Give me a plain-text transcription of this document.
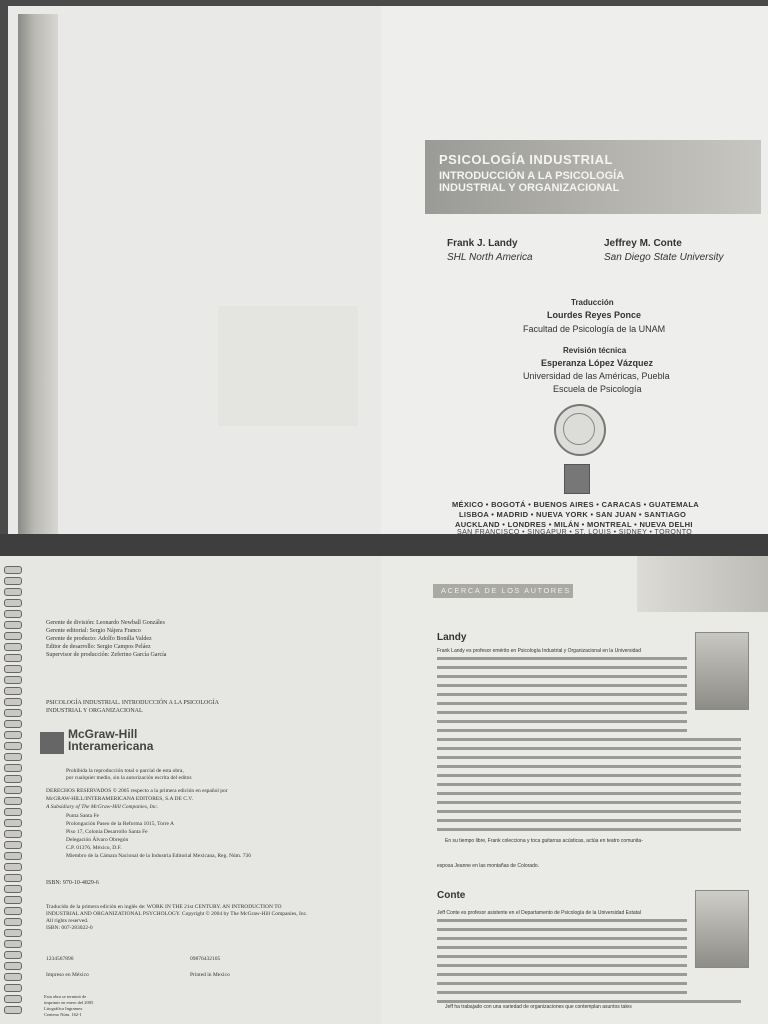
PSICOLOGÍA INDUSTRIAL
INTRODUCCIÓN A LA PSICOLOGÍA
INDUSTRIAL Y ORGANIZACIONAL
Frank J. Landy
SHL North America
Jeffrey M. Conte
San Diego State University
Traducción
Lourdes Reyes Ponce
Facultad de Psicología de la UNAM
Revisión técnica
Esperanza López Vázquez
Universidad de las Américas, Puebla
Escuela de Psicología
MÉXICO • BOGOTÁ • BUENOS AIRES • CARACAS • GUATEMALA
LISBOA • MADRID • NUEVA YORK • SAN JUAN • SANTIAGO
AUCKLAND • LONDRES • MILÁN • MONTREAL • NUEVA DELHI
SAN FRANCISCO • SINGAPUR • ST. LOUIS • SIDNEY • TORONTO
Gerente de división: Leonardo Newball Gonzáles
Gerente editorial: Sergio Nájera Franco
Gerente de producto: Adolfo Bonilla Valdez
Editor de desarrollo: Sergio Campos Peláez
Supervisor de producción: Zeferino García García
PSICOLOGÍA INDUSTRIAL. INTRODUCCIÓN A LA PSICOLOGÍA
INDUSTRIAL Y ORGANIZACIONAL
McGraw-Hill
Interamericana
Prohibida la reproducción total o parcial de esta obra,
por cualquier medio, sin la autorización escrita del editor.
DERECHOS RESERVADOS © 2005 respecto a la primera edición en español por
McGRAW-HILL/INTERAMERICANA EDITORES, S.A DE C.V.
A Subsidiary of The McGraw-Hill Companies, Inc.
Punta Santa Fe
Prolongación Paseo de la Reforma 1015, Torre A
Piso 17, Colonia Desarrollo Santa Fe
Delegación Álvaro Obregón
C.P. 01376, México, D.F.
Miembro de la Cámara Nacional de la Industria Editorial Mexicana, Reg. Núm. 736
ISBN: 970-10-4829-6
Traducido de la primera edición en inglés de: WORK IN THE 21st CENTURY. AN INTRODUCTION TO
INDUSTRIAL AND ORGANIZATIONAL PSYCHOLOGY. Copyright © 2004 by The McGraw-Hill Companies, Inc.
All rights reserved.
ISBN: 007-283022-0
1234567890	09876432105
Impreso en México	Printed in Mexico
Esta obra se terminó de
imprimir en enero del 2005
Litográfica Ingramex
Centeno Núm. 162-1
ACERCA DE LOS AUTORES
Landy
Frank Landy es profesor emérito en Psicología Industrial y Organizacional en la Universidad
En su tiempo libre, Frank colecciona y toca guitarras acústicas, actúa en teatro comunita-
esposa Jeanne en las montañas de Colorado.
Conte
Jeff Conte es profesor asistente en el Departamento de Psicología de la Universidad Estatal
Jeff ha trabajado con una variedad de organizaciones que contemplan asuntos tales
